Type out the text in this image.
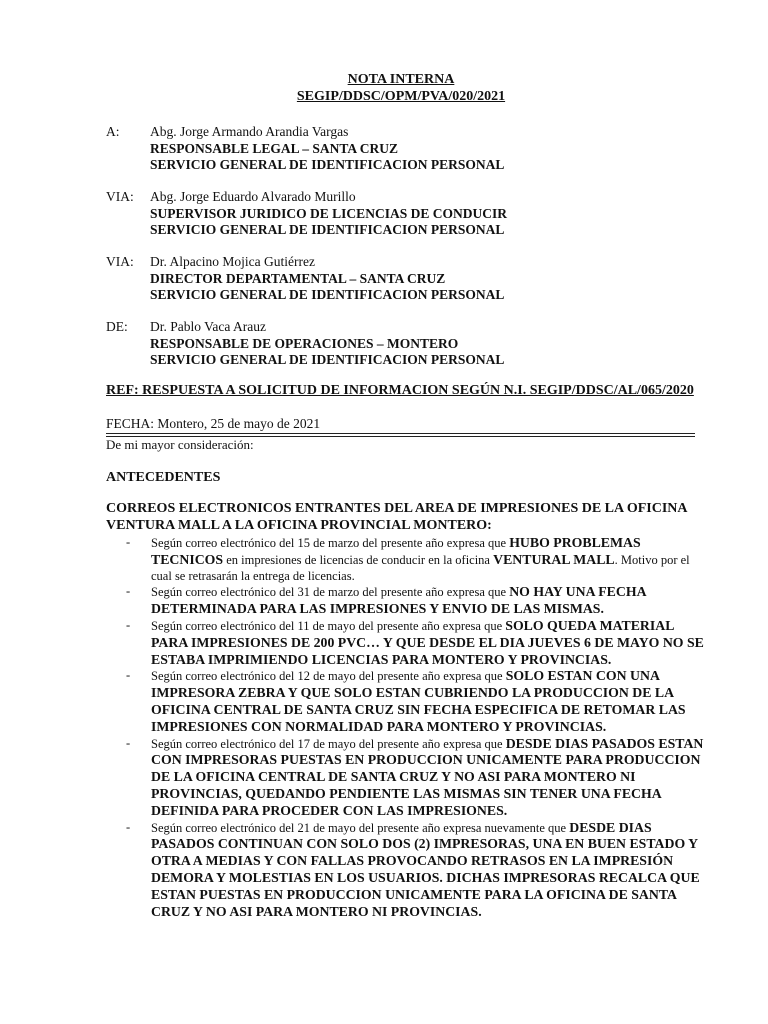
NOTA INTERNA
SEGIP/DDSC/OPM/PVA/020/2021
A:	Abg. Jorge Armando Arandia Vargas
RESPONSABLE LEGAL – SANTA CRUZ
SERVICIO GENERAL DE IDENTIFICACION PERSONAL
VIA:	Abg. Jorge Eduardo Alvarado Murillo
SUPERVISOR JURIDICO DE LICENCIAS DE CONDUCIR
SERVICIO GENERAL DE IDENTIFICACION PERSONAL
VIA:	Dr. Alpacino Mojica Gutiérrez
DIRECTOR DEPARTAMENTAL – SANTA CRUZ
SERVICIO GENERAL DE IDENTIFICACION PERSONAL
DE:	Dr. Pablo Vaca Arauz
RESPONSABLE DE OPERACIONES – MONTERO
SERVICIO GENERAL DE IDENTIFICACION PERSONAL
REF: RESPUESTA A SOLICITUD DE INFORMACION SEGÚN N.I. SEGIP/DDSC/AL/065/2020
FECHA: Montero, 25 de mayo de 2021
De mi mayor consideración:
ANTECEDENTES
CORREOS ELECTRONICOS ENTRANTES DEL AREA DE IMPRESIONES DE LA OFICINA VENTURA MALL A LA OFICINA PROVINCIAL MONTERO:
- Según correo electrónico del 15 de marzo del presente año expresa que HUBO PROBLEMAS TECNICOS en impresiones de licencias de conducir en la oficina VENTURAL MALL. Motivo por el cual se retrasarán la entrega de licencias.
- Según correo electrónico del 31 de marzo del presente año expresa que NO HAY UNA FECHA DETERMINADA PARA LAS IMPRESIONES Y ENVIO DE LAS MISMAS.
- Según correo electrónico del 11 de mayo del presente año expresa que SOLO QUEDA MATERIAL PARA IMPRESIONES DE 200 PVC… Y QUE DESDE EL DIA JUEVES 6 DE MAYO NO SE ESTABA IMPRIMIENDO LICENCIAS PARA MONTERO Y PROVINCIAS.
- Según correo electrónico del 12 de mayo del presente año expresa que SOLO ESTAN CON UNA IMPRESORA ZEBRA Y QUE SOLO ESTAN CUBRIENDO LA PRODUCCION DE LA OFICINA CENTRAL DE SANTA CRUZ SIN FECHA ESPECIFICA DE RETOMAR LAS IMPRESIONES CON NORMALIDAD PARA MONTERO Y PROVINCIAS.
- Según correo electrónico del 17 de mayo del presente año expresa que DESDE DIAS PASADOS ESTAN CON IMPRESORAS PUESTAS EN PRODUCCION UNICAMENTE PARA PRODUCCION DE LA OFICINA CENTRAL DE SANTA CRUZ Y NO ASI PARA MONTERO NI PROVINCIAS, QUEDANDO PENDIENTE LAS MISMAS SIN TENER UNA FECHA DEFINIDA PARA PROCEDER CON LAS IMPRESIONES.
- Según correo electrónico del 21 de mayo del presente año expresa nuevamente que DESDE DIAS PASADOS CONTINUAN CON SOLO DOS (2) IMPRESORAS, UNA EN BUEN ESTADO Y OTRA A MEDIAS Y CON FALLAS PROVOCANDO RETRASOS EN LA IMPRESIÓN DEMORA Y MOLESTIAS EN LOS USUARIOS. DICHAS IMPRESORAS RECALCA QUE ESTAN PUESTAS EN PRODUCCION UNICAMENTE PARA LA OFICINA DE SANTA CRUZ Y NO ASI PARA MONTERO NI PROVINCIAS.
